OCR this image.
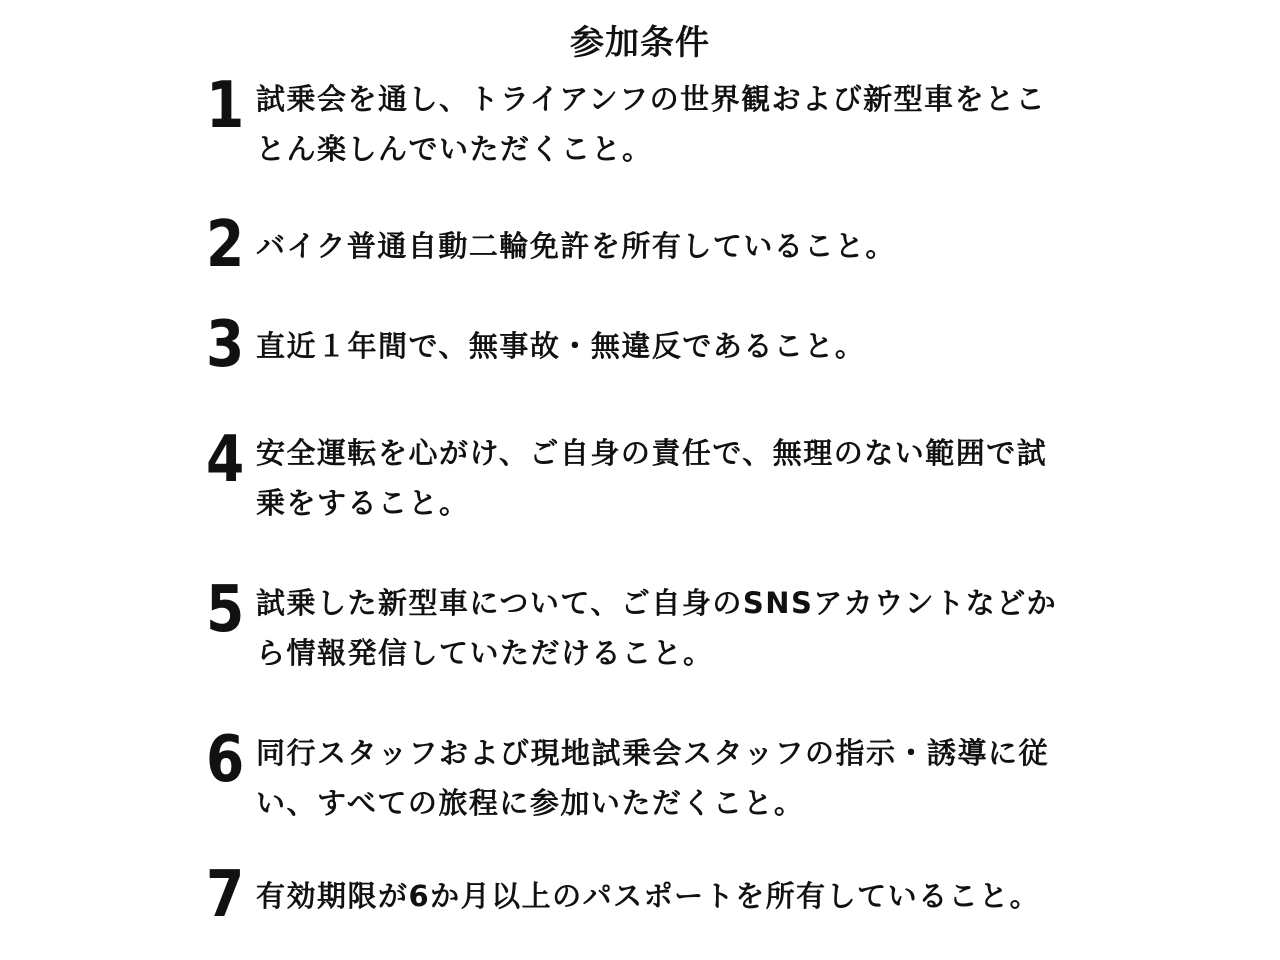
参加条件
1 試乗会を通し、トライアンフの世界観および新型車をとことん楽しんでいただくこと。
2 バイク普通自動二輪免許を所有していること。
3 直近１年間で、無事故・無違反であること。
4 安全運転を心がけ、ご自身の責任で、無理のない範囲で試乗をすること。
5 試乗した新型車について、ご自身のSNSアカウントなどから情報発信していただけること。
6 同行スタッフおよび現地試乗会スタッフの指示・誘導に従い、すべての旅程に参加いただくこと。
7 有効期限が6か月以上のパスポートを所有していること。
